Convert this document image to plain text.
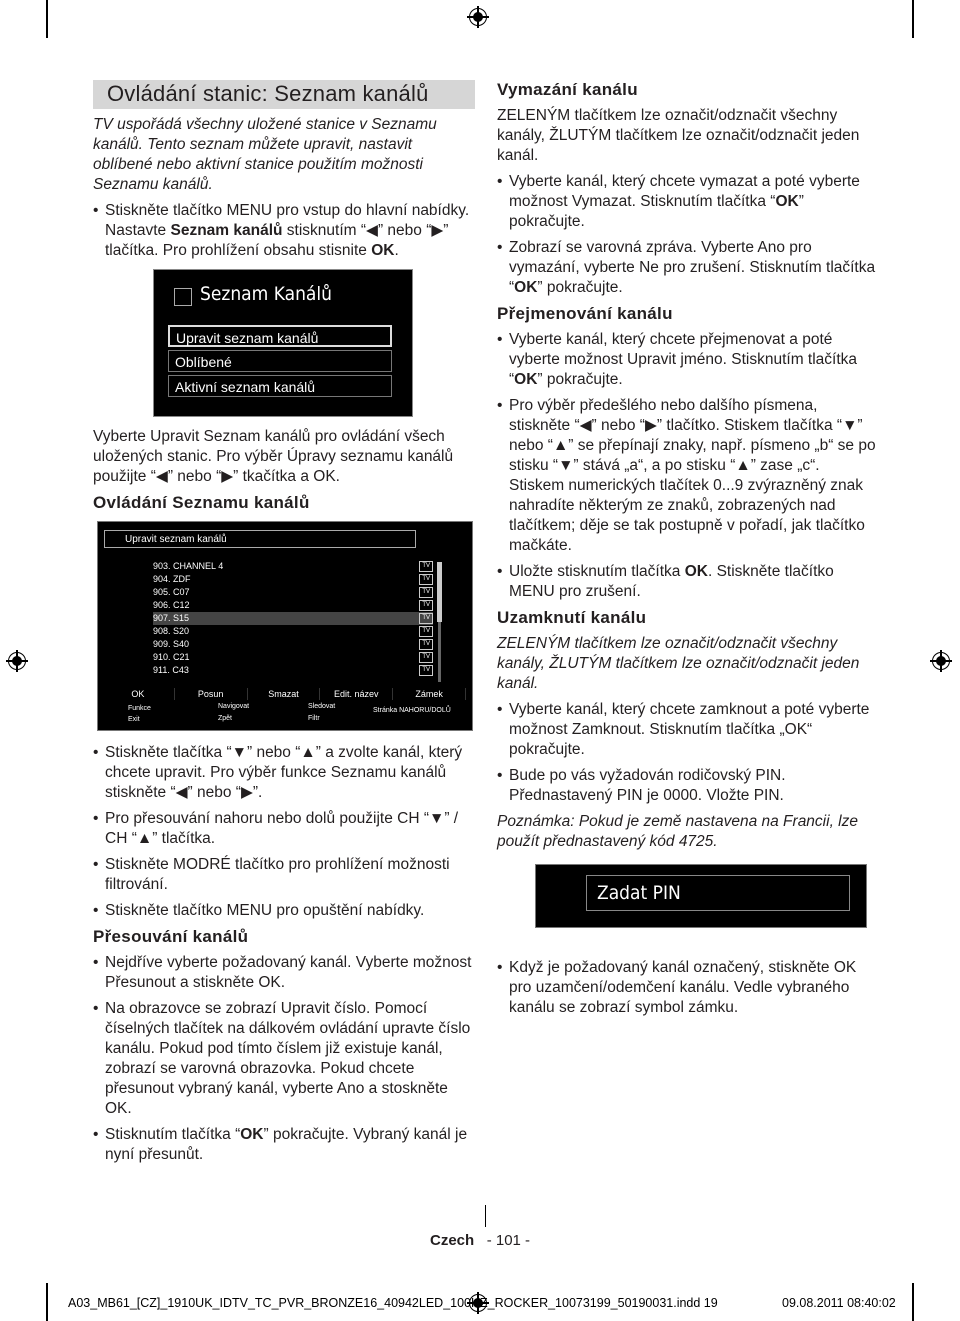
Ovládání stanic: Seznam kanálů

TV uspořádá všechny uložené stanice v Seznamu kanálů. Tento seznam můžete upravit, nastavit oblíbené nebo aktivní stanice použitím možnosti Seznamu kanálů.

• Stiskněte tlačítko MENU pro vstup do hlavní nabídky. Nastavte Seznam kanálů stisknutím “◀” nebo “▶” tlačítka. Pro prohlížení obsahu stisnite OK.
Seznam Kanálů
Upravit seznam kanálů
Oblíbené
Aktivní seznam kanálů

Vyberte Upravit Seznam kanálů pro ovládání všech uložených stanic. Pro výběr Úpravy seznamu kanálů použijte “◀” nebo “▶” tkačítka a OK.

Ovládání Seznamu kanálů
Upravit seznam kanálů
903. CHANNEL 4	TV
904. ZDF	TV
905. C07	TV
906. C12	TV
907. S15	TV
908. S20	TV
909. S40	TV
910. C21	TV
911. C43	TV
OK	Posun	Smazat	Edit. název	Zámek
Funkce	Navigovat	Sledovat
Exit	Zpět	Filtr
Stránka NAHORU/DOLŮ
• Stiskněte tlačítka “▼” nebo “▲” a zvolte kanál, který chcete upravit. Pro výběr funkce Seznamu kanálů stiskněte “◀” nebo “▶”.
• Pro přesouvání nahoru nebo dolů použijte CH “▼” / CH “▲” tlačítka.
• Stiskněte MODRÉ tlačítko pro prohlížení možnosti filtrování.
• Stiskněte tlačítko MENU pro opuštění nabídky.
Přesouvání kanálů
• Nejdříve vyberte požadovaný kanál. Vyberte možnost Přesunout a stiskněte OK.
• Na obrazovce se zobrazí Upravit číslo. Pomocí číselných tlačítek na dálkovém ovládání upravte číslo kanálu. Pokud pod tímto číslem již existuje kanál, zobrazí se varovná obrazovka. Pokud chcete přesunout vybraný kanál, vyberte Ano a stoskněte OK.
• Stisknutím tlačítka “OK” pokračujte. Vybraný kanál je nyní přesunůt.
Vymazání kanálu

ZELENÝM tlačítkem lze označit/odznačit všechny kanály, ŽLUTÝM tlačítkem lze označit/odznačit jeden kanál.

• Vyberte kanál, který chcete vymazat a poté vyberte možnost Vymazat. Stisknutím tlačítka “OK” pokračujte.
• Zobrazí se varovná zpráva. Vyberte Ano pro vymazání, vyberte Ne pro zrušení. Stisknutím tlačítka “OK” pokračujte.
Přejmenování kanálu
• Vyberte kanál, který chcete přejmenovat a poté vyberte možnost Upravit jméno. Stisknutím tlačítka “OK” pokračujte.
• Pro výběr předešlého nebo dalšího písmena, stiskněte “◀” nebo “▶” tlačítko. Stiskem tlačítka “▼” nebo “▲” se přepínají znaky, např. písmeno „b“ se po stisku “▼” stává „a“, a po stisku “▲” zase „c“. Stiskem numerických tlačítek 0...9 zvýrazněný znak nahradíte některým ze znaků, zobrazených nad tlačítkem; děje se tak postupně v pořadí, jak tlačítko mačkáte.
• Uložte stisknutím tlačítka OK. Stiskněte tlačítko MENU pro zrušení.
Uzamknutí kanálu

ZELENÝM tlačítkem lze označit/odznačit všechny kanály, ŽLUTÝM tlačítkem lze označit/odznačit jeden kanál.

• Vyberte kanál, který chcete zamknout a poté vyberte možnost Zamknout. Stisknutím tlačítka „OK“ pokračujte.
• Bude po vás vyžadován rodičovský PIN. Přednastavený PIN je 0000. Vložte PIN.

Poznámka: Pokud je země nastavena na Francii, lze použít přednastavený kód 4725.

Zadat PIN
• Když je požadovaný kanál označený, stiskněte OK pro uzamčení/odemčení kanálu. Vedle vybraného kanálu se zobrazí symbol zámku.
Czech - 101 -
A03_MB61_[CZ]_1910UK_IDTV_TC_PVR_BRONZE16_40942LED_100HZ_ROCKER_10073199_50190031.indd 19	09.08.2011 08:40:02
